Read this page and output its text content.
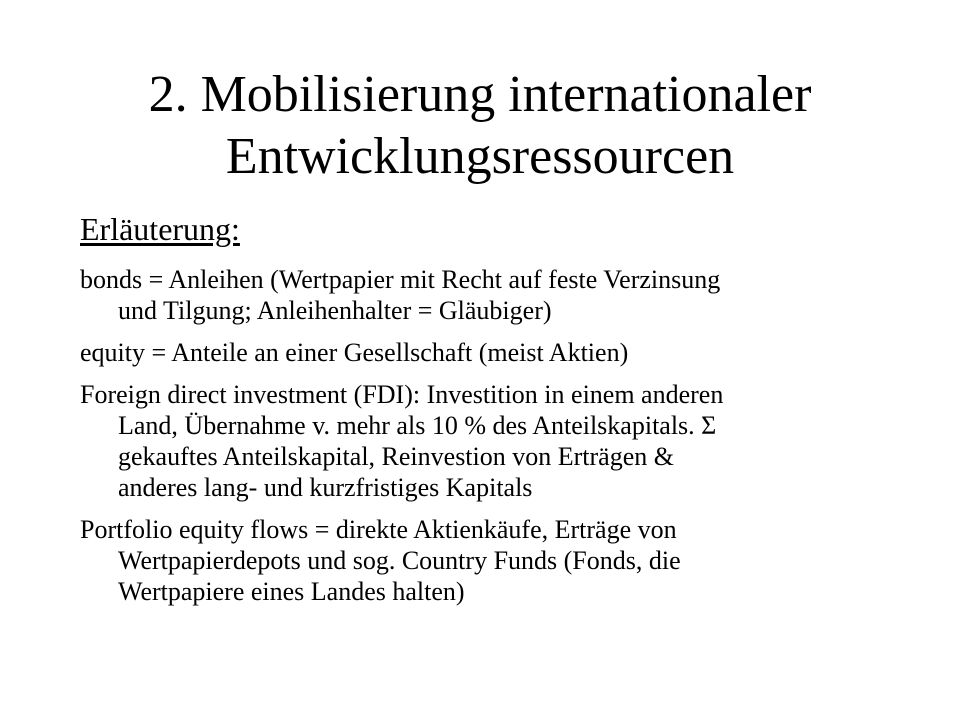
2. Mobilisierung internationaler
Entwicklungsressourcen
Erläuterung:
bonds = Anleihen (Wertpapier mit Recht auf feste Verzinsung
und Tilgung; Anleihenhalter = Gläubiger)
equity = Anteile an einer Gesellschaft (meist Aktien)
Foreign direct investment (FDI): Investition in einem anderen
Land, Übernahme v. mehr als 10 % des Anteilskapitals. Σ
gekauftes Anteilskapital, Reinvestion von Erträgen &
anderes lang- und kurzfristiges Kapitals
Portfolio equity flows = direkte Aktienkäufe, Erträge von
Wertpapierdepots und sog. Country Funds (Fonds, die
Wertpapiere eines Landes halten)
